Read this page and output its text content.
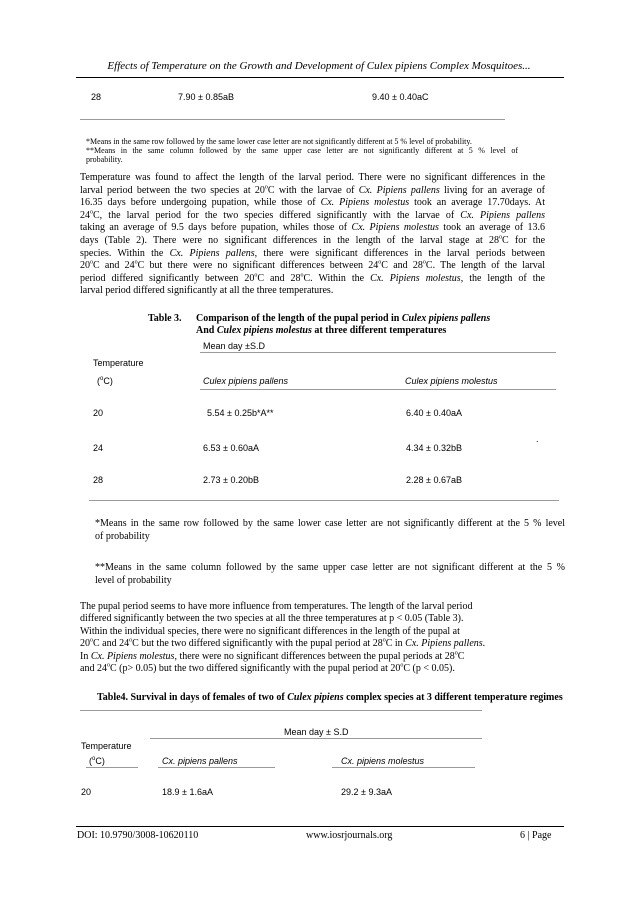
Effects of Temperature on the Growth and Development of Culex pipiens Complex Mosquitoes...
28	7.90 ± 0.85aB	9.40 ± 0.40aC
*Means in the same row followed by the same lower case letter are not significantly different at 5 % level of probability.
**Means in the same column followed by the same upper case letter are not significantly different at 5 % level of
probability.
Temperature was found to affect the length of the larval period. There were no significant differences in the
larval period between the two species at 20$^o$C with the larvae of Cx. Pipiens pallens living for an average of
16.35 days before undergoing pupation, while those of Cx. Pipiens molestus took an average 17.70days. At
24$^o$C, the larval period for the two species differed significantly with the larvae of Cx. Pipiens pallens
taking an average of 9.5 days before pupation, whiles those of Cx. Pipiens molestus took an average of 13.6
days (Table 2). There were no significant differences in the length of the larval stage at 28$^o$C for the
species. Within the Cx. Pipiens pallens, there were significant differences in the larval periods between
20$^o$C and 24$^o$C but there were no significant differences between 24$^o$C and 28$^o$C. The length of the larval
period differed significantly between 20$^o$C and 28$^o$C. Within the Cx. Pipiens molestus, the length of the
larval period differed significantly at all the three temperatures.
Table 3. Comparison of the length of the pupal period in Culex pipiens pallens
And Culex pipiens molestus at three different temperatures
Mean day ±S.D
Temperature
($^o$C)	Culex pipiens pallens	Culex pipiens molestus
20	5.54 ± 0.25b*A**	6.40 ± 0.40aA
24	6.53 ± 0.60aA	4.34 ± 0.32bB
.
28	2.73 ± 0.20bB	2.28 ± 0.67aB
*Means in the same row followed by the same lower case letter are not significantly different at the 5 % level
of probability
**Means in the same column followed by the same upper case letter are not significant different at the 5 %
level of probability
The pupal period seems to have more influence from temperatures. The length of the larval period
differed significantly between the two species at all the three temperatures at p < 0.05 (Table 3).
Within the individual species, there were no significant differences in the length of the pupal at
20$^o$C and 24$^o$C but the two differed significantly with the pupal period at 28$^o$C in Cx. Pipiens pallens.
In Cx. Pipiens molestus, there were no significant differences between the pupal periods at 28$^o$C
and 24$^o$C (p> 0.05) but the two differed significantly with the pupal period at 20$^o$C (p < 0.05).
Table4. Survival in days of females of two of Culex pipiens complex species at 3 different temperature regimes
Mean day ± S.D
Temperature
($^o$C)	Cx. pipiens pallens	Cx. pipiens molestus
20	18.9 ± 1.6aA	29.2 ± 9.3aA
DOI: 10.9790/3008-10620110	www.iosrjournals.org	6 | Page
